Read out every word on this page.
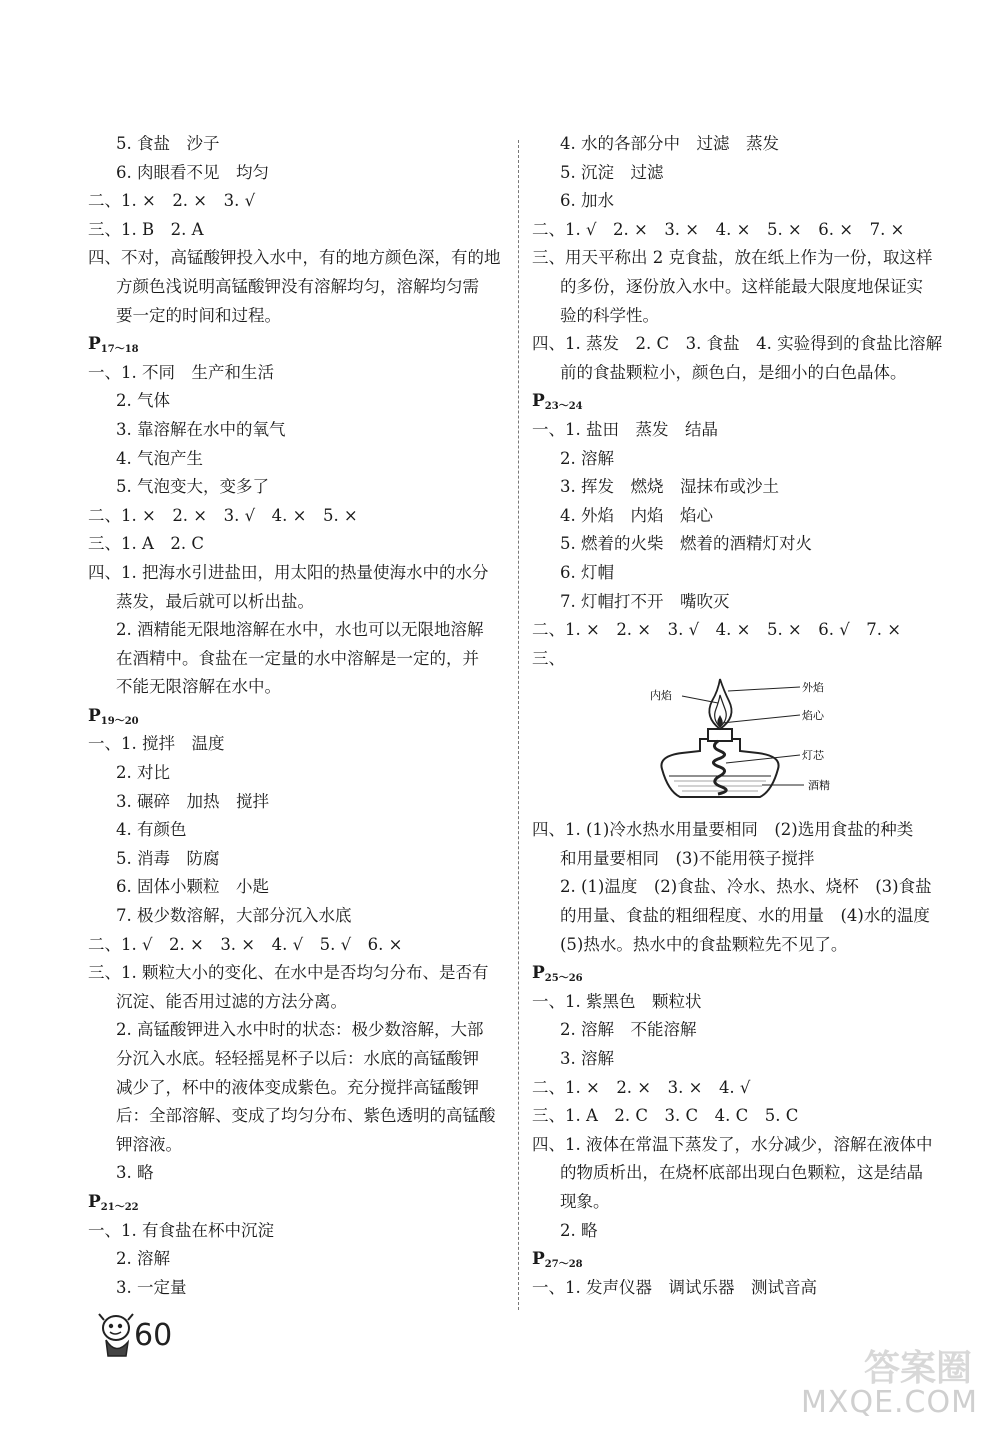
5. 食盐　沙子
6. 肉眼看不见　均匀
二、1. ×　2. ×　3. √
三、1. B　2. A
四、不对，高锰酸钾投入水中，有的地方颜色深，有的地
方颜色浅说明高锰酸钾没有溶解均匀，溶解均匀需
要一定的时间和过程。
$P_{17\sim 18}$
一、1. 不同　生产和生活
2. 气体
3. 靠溶解在水中的氧气
4. 气泡产生
5. 气泡变大，变多了
二、1. ×　2. ×　3. √　4. ×　5. ×
三、1. A　2. C
四、1. 把海水引进盐田，用太阳的热量使海水中的水分
蒸发，最后就可以析出盐。
2. 酒精能无限地溶解在水中，水也可以无限地溶解
在酒精中。食盐在一定量的水中溶解是一定的，并
不能无限溶解在水中。
$P_{19\sim 20}$
一、1. 搅拌　温度
2. 对比
3. 碾碎　加热　搅拌
4. 有颜色
5. 消毒　防腐
6. 固体小颗粒　小匙
7. 极少数溶解，大部分沉入水底
二、1. √　2. ×　3. ×　4. √　5. √　6. ×
三、1. 颗粒大小的变化、在水中是否均匀分布、是否有
沉淀、能否用过滤的方法分离。
2. 高锰酸钾进入水中时的状态：极少数溶解，大部
分沉入水底。轻轻摇晃杯子以后：水底的高锰酸钾
减少了，杯中的液体变成紫色。充分搅拌高锰酸钾
后：全部溶解、变成了均匀分布、紫色透明的高锰酸
钾溶液。
3. 略
$P_{21\sim 22}$
一、1. 有食盐在杯中沉淀
2. 溶解
3. 一定量
4. 水的各部分中　过滤　蒸发
5. 沉淀　过滤
6. 加水
二、1. √　2. ×　3. ×　4. ×　5. ×　6. ×　7. ×
三、用天平称出 2 克食盐，放在纸上作为一份，取这样
的多份，逐份放入水中。这样能最大限度地保证实
验的科学性。
四、1. 蒸发　2. C　3. 食盐　4. 实验得到的食盐比溶解
前的食盐颗粒小，颜色白，是细小的白色晶体。
$P_{23\sim 24}$
一、1. 盐田　蒸发　结晶
2. 溶解
3. 挥发　燃烧　湿抹布或沙土
4. 外焰　内焰　焰心
5. 燃着的火柴　燃着的酒精灯对火
6. 灯帽
7. 灯帽打不开　嘴吹灭
二、1. ×　2. ×　3. √　4. ×　5. ×　6. √　7. ×
三、
内焰
外焰
焰心
灯芯
酒精
四、1. (1)冷水热水用量要相同　(2)选用食盐的种类
和用量要相同　(3)不能用筷子搅拌
2. (1)温度　(2)食盐、冷水、热水、烧杯　(3)食盐
的用量、食盐的粗细程度、水的用量　(4)水的温度
(5)热水。热水中的食盐颗粒先不见了。
$P_{25\sim 26}$
一、1. 紫黑色　颗粒状
2. 溶解　不能溶解
3. 溶解
二、1. ×　2. ×　3. ×　4. √
三、1. A　2. C　3. C　4. C　5. C
四、1. 液体在常温下蒸发了，水分减少，溶解在液体中
的物质析出，在烧杯底部出现白色颗粒，这是结晶
现象。
2. 略
$P_{27\sim 28}$
一、1. 发声仪器　调试乐器　测试音高
60
答案圈
MXQE.COM
